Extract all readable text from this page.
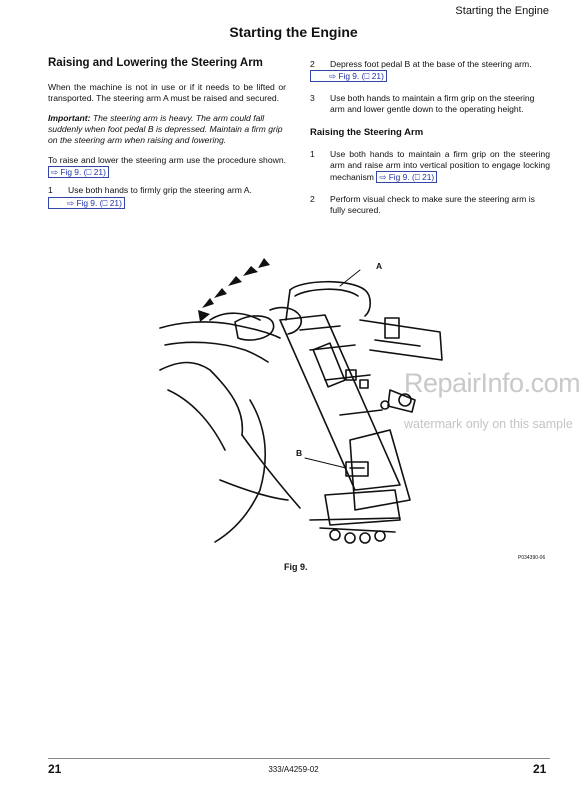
Starting the Engine
Starting the Engine
Raising and Lowering the Steering Arm
When the machine is not in use or if it needs to be lifted or transported. The steering arm A must be raised and secured.
Important: The steering arm is heavy. The arm could fall suddenly when foot pedal B is depressed. Maintain a firm grip on the steering arm when raising and lowering.
To raise and lower the steering arm use the procedure shown. ⇨ Fig 9. (⎕ 21)
1 Use both hands to firmly grip the steering arm A.
⇨ Fig 9. (⎕ 21)
2 Depress foot pedal B at the base of the steering arm.
⇨ Fig 9. (⎕ 21)
3 Use both hands to maintain a firm grip on the steering arm and lower gentle down to the operating height.
Raising the Steering Arm
1 Use both hands to maintain a firm grip on the steering arm and raise arm into vertical position to engage locking mechanism ⇨ Fig 9. (⎕ 21)
2 Perform visual check to make sure the steering arm is fully secured.
A
B
RepairInfo.com
watermark only on this sample
P034390-06
Fig 9.
21	333/A4259-02	21
